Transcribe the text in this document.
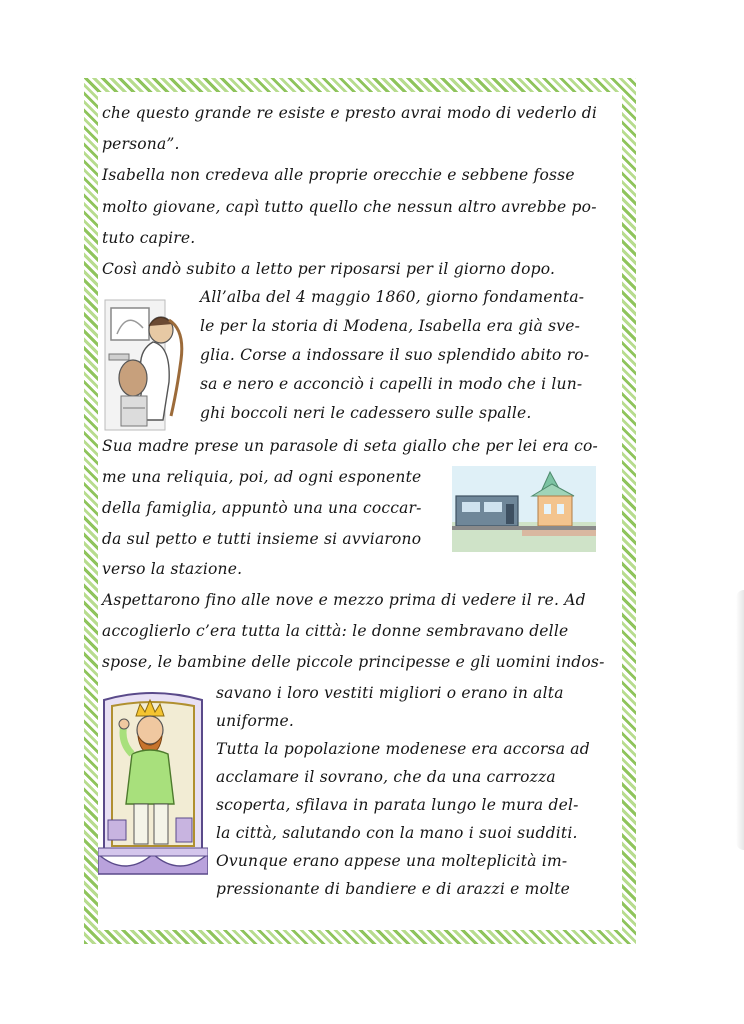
che questo grande re esiste e presto avrai modo di vederlo di
persona”.
Isabella non credeva alle proprie orecchie e sebbene fosse
molto giovane, capì tutto quello che nessun altro avrebbe po-
tuto capire.
Così andò subito a letto per riposarsi per il giorno dopo.
All’alba del 4 maggio 1860, giorno fondamenta-
le per la storia di Modena, Isabella era già sve-
glia. Corse a indossare il suo splendido abito ro-
sa e nero e acconciò i capelli in modo che i lun-
ghi boccoli neri le cadessero sulle spalle.
Sua madre prese un parasole di seta giallo che per lei era co-
me una reliquia, poi, ad ogni esponente
della famiglia, appuntò una una coccar-
da sul petto e tutti insieme si avviarono
verso la stazione.
Aspettarono fino alle nove e mezzo prima di vedere il re. Ad
accoglierlo c’era tutta la città: le donne sembravano delle
spose, le bambine delle piccole principesse e gli uomini indos-
savano i loro vestiti migliori o erano in alta
uniforme.
Tutta la popolazione modenese era accorsa ad
acclamare il sovrano, che da una carrozza
scoperta, sfilava in parata lungo le mura del-
la città, salutando con la mano i suoi sudditi.
Ovunque erano appese una molteplicità im-
pressionante di bandiere e di arazzi e molte
